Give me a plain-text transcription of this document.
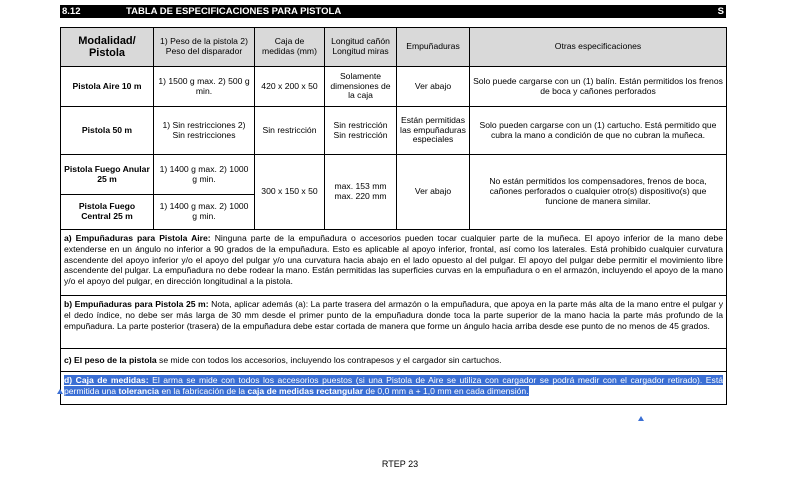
8.12	TABLA DE ESPECIFICACIONES PARA PISTOLA	S
Modalidad/ Pistola	1) Peso de la pistola 2) Peso del disparador	Caja de medidas (mm)	Longitud cañón Longitud miras	Empuñaduras	Otras especificaciones
Pistola Aire 10 m	1) 1500 g max. 2) 500 g min.	420 x 200 x 50	Solamente dimensiones de la caja	Ver abajo	Solo puede cargarse con un (1) balín. Están permitidos los frenos de boca y cañones perforados
Pistola 50 m	1) Sin restricciones 2) Sin restricciones	Sin restricción	Sin restricción Sin restricción	Están permitidas las empuñaduras especiales	Solo pueden cargarse con un (1) cartucho. Está permitido que cubra la mano a condición de que no cubran la muñeca.
Pistola Fuego Anular 25 m	1) 1400 g max. 2) 1000 g min.	300 x 150 x 50	max. 153 mm max. 220 mm	Ver abajo	No están permitidos los compensadores, frenos de boca, cañones perforados o cualquier otro(s) dispositivo(s) que funcione de manera similar.
Pistola Fuego Central 25 m	1) 1400 g max. 2) 1000 g min.				
a) Empuñaduras para Pistola Aire: Ninguna parte de la empuñadura o accesorios pueden tocar cualquier parte de la muñeca. El apoyo inferior de la mano debe extenderse en un ángulo no inferior a 90 grados de la empuñadura. Esto es aplicable al apoyo inferior, frontal, así como los laterales. Está prohibido cualquier curvatura ascendente del apoyo inferior y/o el apoyo del pulgar y/o una curvatura hacia abajo en el lado opuesto al del pulgar. El apoyo del pulgar debe permitir el movimiento libre ascendente del pulgar. La empuñadura no debe rodear la mano. Están permitidas las superficies curvas en la empuñadura o en el armazón, incluyendo el apoyo de la mano y/o el apoyo del pulgar, en dirección longitudinal a la pistola.					
b) Empuñaduras para Pistola 25 m: Nota, aplicar además (a): La parte trasera del armazón o la empuñadura, que apoya en la parte más alta de la mano entre el pulgar y el dedo índice, no debe ser más larga de 30 mm desde el primer punto de la empuñadura donde toca la parte superior de la mano hacia la parte más profundo de la empuñadura. La parte posterior (trasera) de la empuñadura debe estar cortada de manera que forme un ángulo hacia arriba desde ese punto de no menos de 45 grados.					
c) El peso de la pistola se mide con todos los accesorios, incluyendo los contrapesos y el cargador sin cartuchos.					
d) Caja de medidas: El arma se mide con todos los accesorios puestos (si una Pistola de Aire se utiliza con cargador se podrá medir con el cargador retirado). Está permitida una tolerancia en la fabricación de la caja de medidas rectangular de 0,0 mm a + 1,0 mm en cada dimensión.					
RTEP 23
